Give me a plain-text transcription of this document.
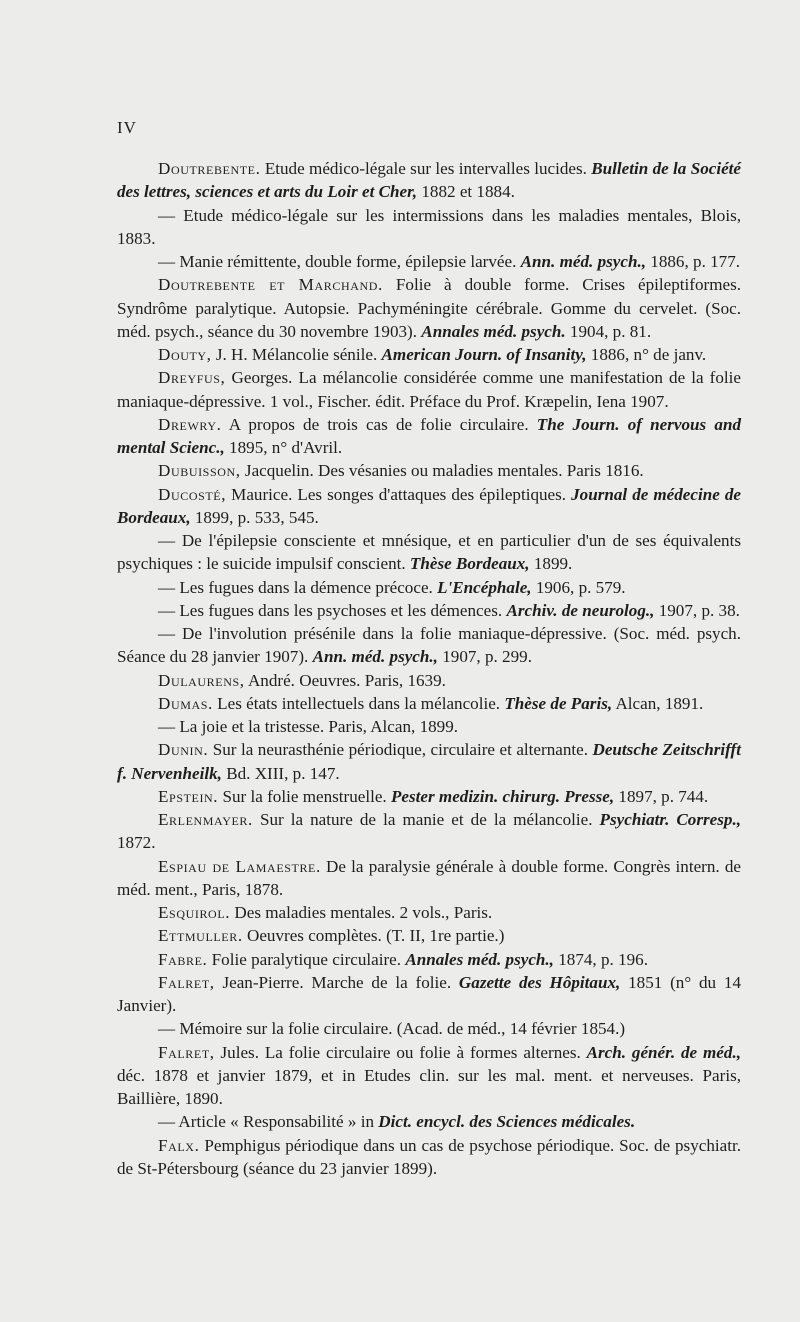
IV

Doutrebente. Etude médico-légale sur les intervalles lucides. Bulletin de la Société des lettres, sciences et arts du Loir et Cher, 1882 et 1884.

— Etude médico-légale sur les intermissions dans les maladies mentales, Blois, 1883.

— Manie rémittente, double forme, épilepsie larvée. Ann. méd. psych., 1886, p. 177.

Doutrebente et Marchand. Folie à double forme. Crises épileptiformes. Syndrôme paralytique. Autopsie. Pachyméningite cérébrale. Gomme du cervelet. (Soc. méd. psych., séance du 30 novembre 1903). Annales méd. psych. 1904, p. 81.

Douty, J. H. Mélancolie sénile. American Journ. of Insanity, 1886, n° de janv.

Dreyfus, Georges. La mélancolie considérée comme une manifestation de la folie maniaque-dépressive. 1 vol., Fischer. édit. Préface du Prof. Kræpelin, Iena 1907.

Drewry. A propos de trois cas de folie circulaire. The Journ. of nervous and mental Scienc., 1895, n° d'Avril.

Dubuisson, Jacquelin. Des vésanies ou maladies mentales. Paris 1816.

Ducosté, Maurice. Les songes d'attaques des épileptiques. Journal de médecine de Bordeaux, 1899, p. 533, 545.

— De l'épilepsie consciente et mnésique, et en particulier d'un de ses équivalents psychiques : le suicide impulsif conscient. Thèse Bordeaux, 1899.

— Les fugues dans la démence précoce. L'Encéphale, 1906, p. 579.

— Les fugues dans les psychoses et les démences. Archiv. de neurolog., 1907, p. 38.

— De l'involution présénile dans la folie maniaque-dépressive. (Soc. méd. psych. Séance du 28 janvier 1907). Ann. méd. psych., 1907, p. 299.

Dulaurens, André. Oeuvres. Paris, 1639.

Dumas. Les états intellectuels dans la mélancolie. Thèse de Paris, Alcan, 1891.

— La joie et la tristesse. Paris, Alcan, 1899.

Dunin. Sur la neurasthénie périodique, circulaire et alternante. Deutsche Zeitschrifft f. Nervenheilk, Bd. XIII, p. 147.

Epstein. Sur la folie menstruelle. Pester medizin. chirurg. Presse, 1897, p. 744.

Erlenmayer. Sur la nature de la manie et de la mélancolie. Psychiatr. Corresp., 1872.

Espiau de Lamaestre. De la paralysie générale à double forme. Congrès intern. de méd. ment., Paris, 1878.

Esquirol. Des maladies mentales. 2 vols., Paris.

Ettmuller. Oeuvres complètes. (T. II, 1re partie.)

Fabre. Folie paralytique circulaire. Annales méd. psych., 1874, p. 196.

Falret, Jean-Pierre. Marche de la folie. Gazette des Hôpitaux, 1851 (n° du 14 Janvier).

— Mémoire sur la folie circulaire. (Acad. de méd., 14 février 1854.)

Falret, Jules. La folie circulaire ou folie à formes alternes. Arch. génér. de méd., déc. 1878 et janvier 1879, et in Etudes clin. sur les mal. ment. et nerveuses. Paris, Baillière, 1890.

— Article « Responsabilité » in Dict. encycl. des Sciences médicales.

Falx. Pemphigus périodique dans un cas de psychose périodique. Soc. de psychiatr. de St-Pétersbourg (séance du 23 janvier 1899).
